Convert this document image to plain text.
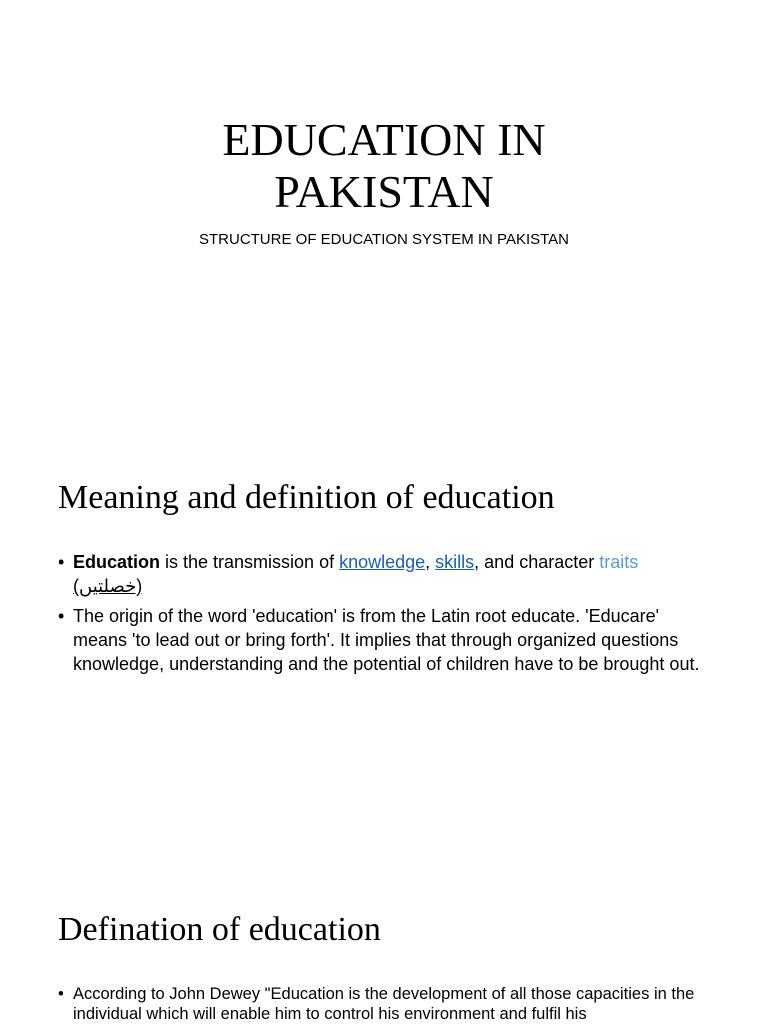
EDUCATION IN
PAKISTAN

STRUCTURE OF EDUCATION SYSTEM IN PAKISTAN

Meaning and definition of education
• Education is the transmission of knowledge, skills, and character traits
(خصلتیں)
• The origin of the word 'education' is from the Latin root educate. 'Educare' means 'to lead out or bring forth'. It implies that through organized questions knowledge, understanding and the potential of children have to be brought out.
Defination of education
• According to John Dewey "Education is the development of all those capacities in the individual which will enable him to control his environment and fulfil his
